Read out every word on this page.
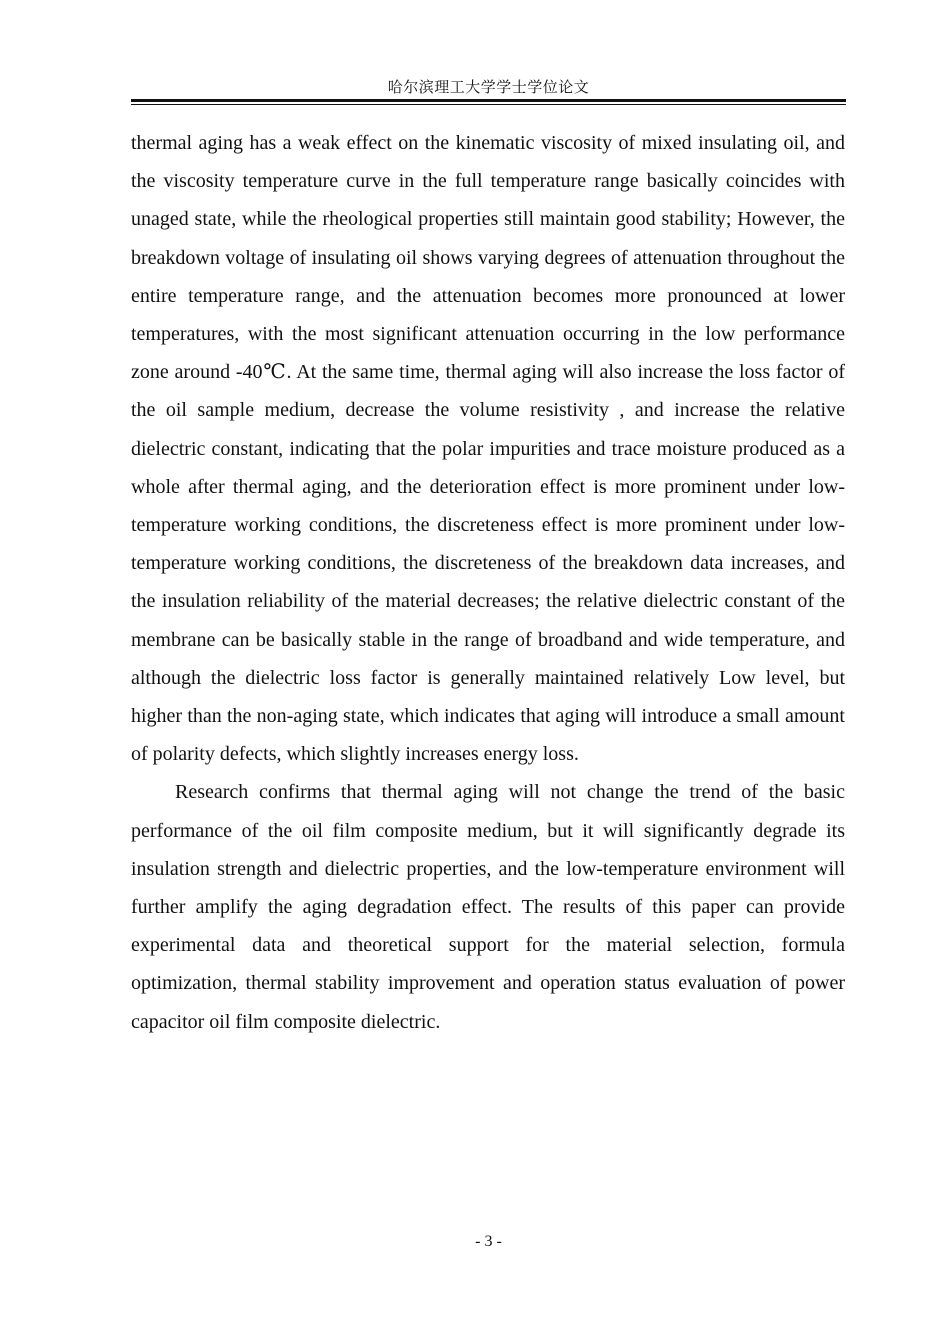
哈尔滨理工大学学士学位论文

thermal aging has a weak effect on the kinematic viscosity of mixed insulating oil, and the viscosity temperature curve in the full temperature range basically coincides with unaged state, while the rheological properties still maintain good stability; However, the breakdown voltage of insulating oil shows varying degrees of attenuation throughout the entire temperature range, and the attenuation becomes more pronounced at lower temperatures, with the most significant attenuation occurring in the low performance zone around -40℃. At the same time, thermal aging will also increase the loss factor of the oil sample medium, decrease the volume resistivity , and increase the relative dielectric constant, indicating that the polar impurities and trace moisture produced as a whole after thermal aging, and the deterioration effect is more prominent under low-temperature working conditions, the discreteness effect is more prominent under low-temperature working conditions, the discreteness of the breakdown data increases, and the insulation reliability of the material decreases; the relative dielectric constant of the membrane can be basically stable in the range of broadband and wide temperature, and although the dielectric loss factor is generally maintained relatively Low level, but higher than the non-aging state, which indicates that aging will introduce a small amount of polarity defects, which slightly increases energy loss.

Research confirms that thermal aging will not change the trend of the basic performance of the oil film composite medium, but it will significantly degrade its insulation strength and dielectric properties, and the low-temperature environment will further amplify the aging degradation effect. The results of this paper can provide experimental data and theoretical support for the material selection, formula optimization, thermal stability improvement and operation status evaluation of power capacitor oil film composite dielectric.

- 3 -
